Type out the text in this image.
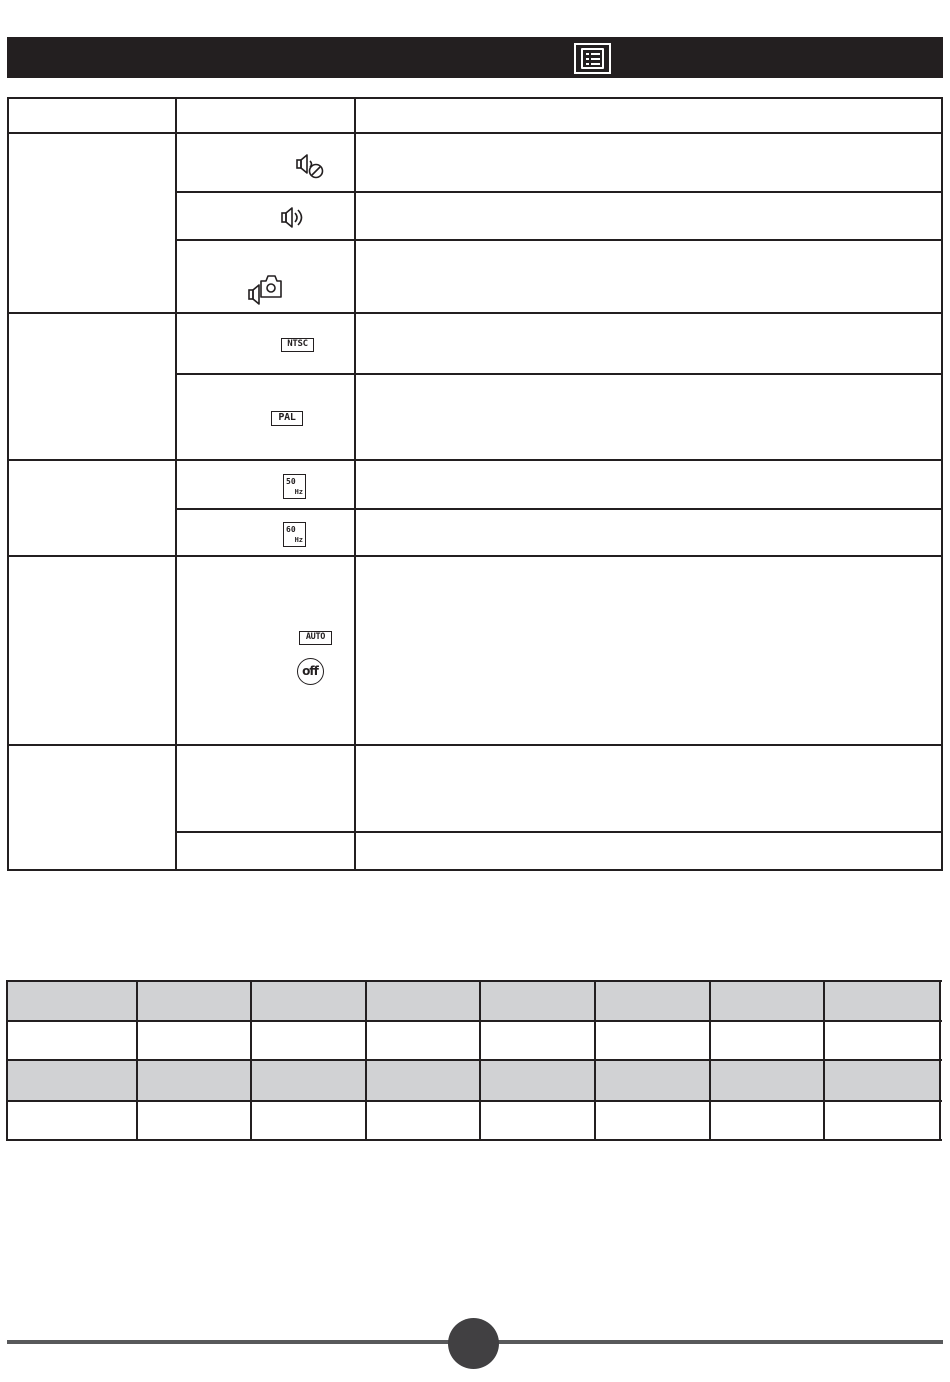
NTSC
PAL
50
Hz
60
Hz
AUTO
off
